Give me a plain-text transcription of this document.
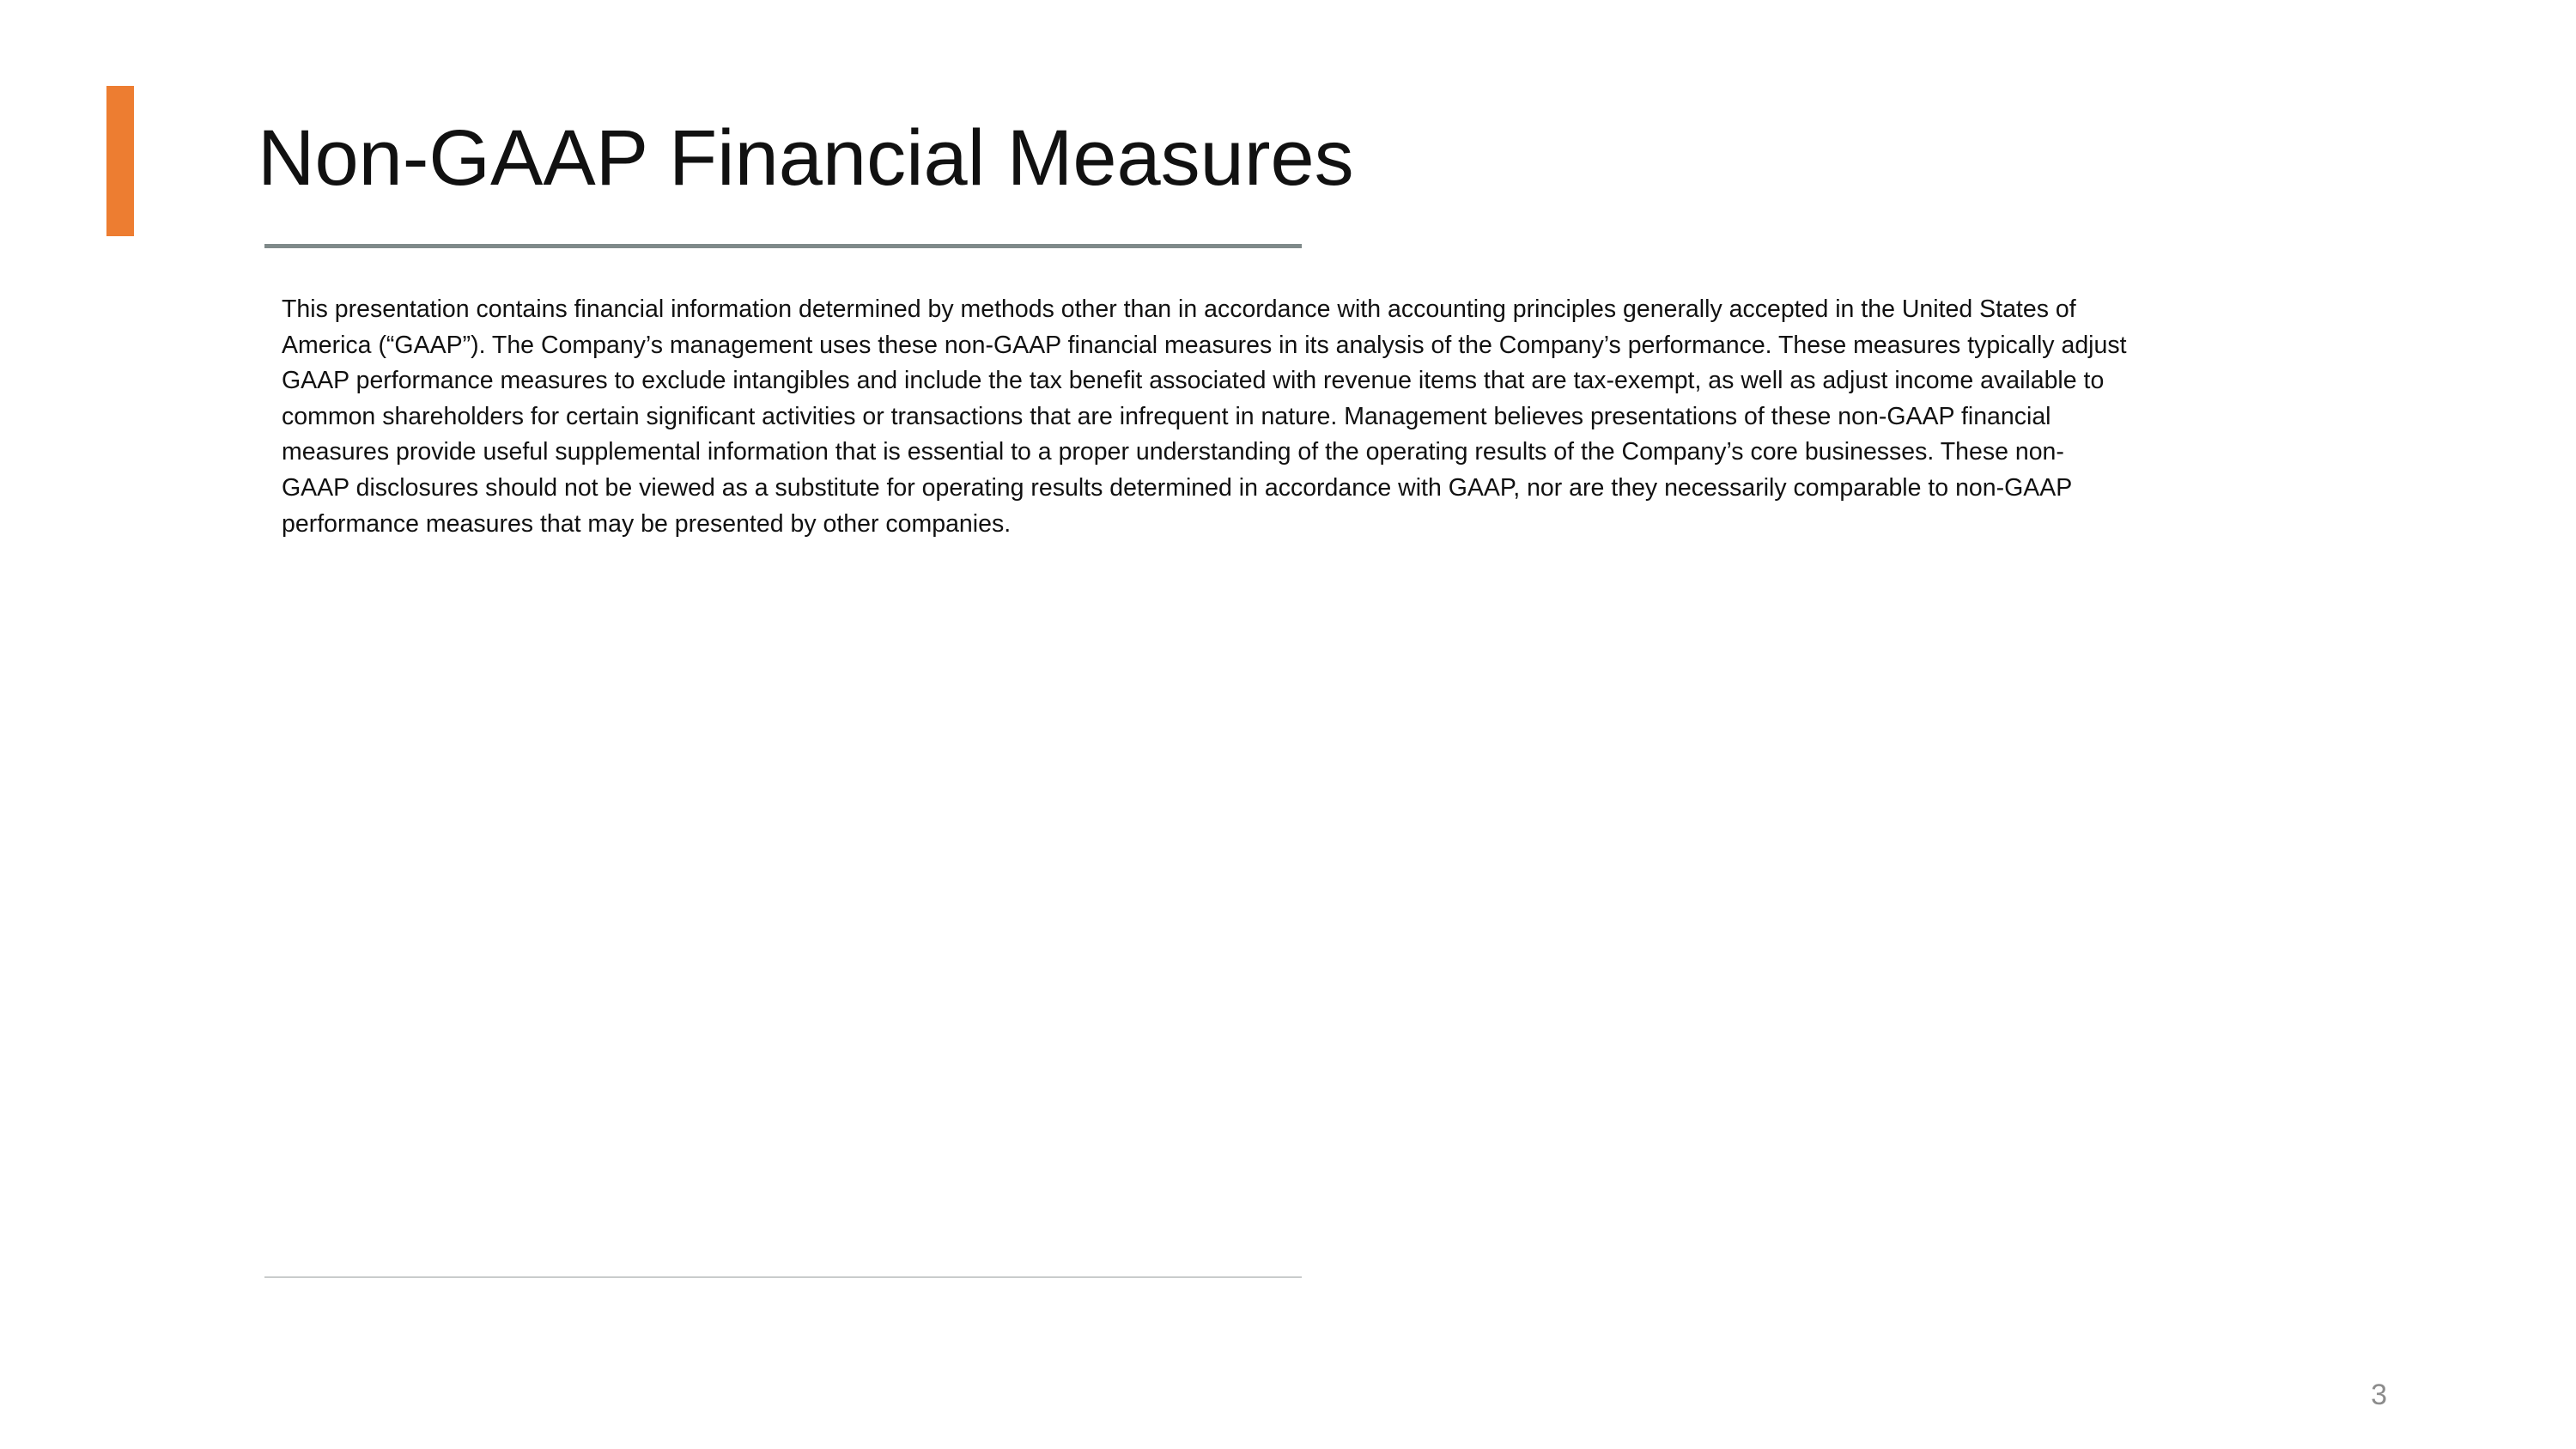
Non-GAAP Financial Measures

This presentation contains financial information determined by methods other than in accordance with accounting principles generally accepted in the United States of
America (“GAAP”). The Company’s management uses these non-GAAP financial measures in its analysis of the Company’s performance. These measures typically adjust
GAAP performance measures to exclude intangibles and include the tax benefit associated with revenue items that are tax-exempt, as well as adjust income available to
common shareholders for certain significant activities or transactions that are infrequent in nature. Management believes presentations of these non-GAAP financial
measures provide useful supplemental information that is essential to a proper understanding of the operating results of the Company’s core businesses. These non-
GAAP disclosures should not be viewed as a substitute for operating results determined in accordance with GAAP, nor are they necessarily comparable to non-GAAP
performance measures that may be presented by other companies.

3
